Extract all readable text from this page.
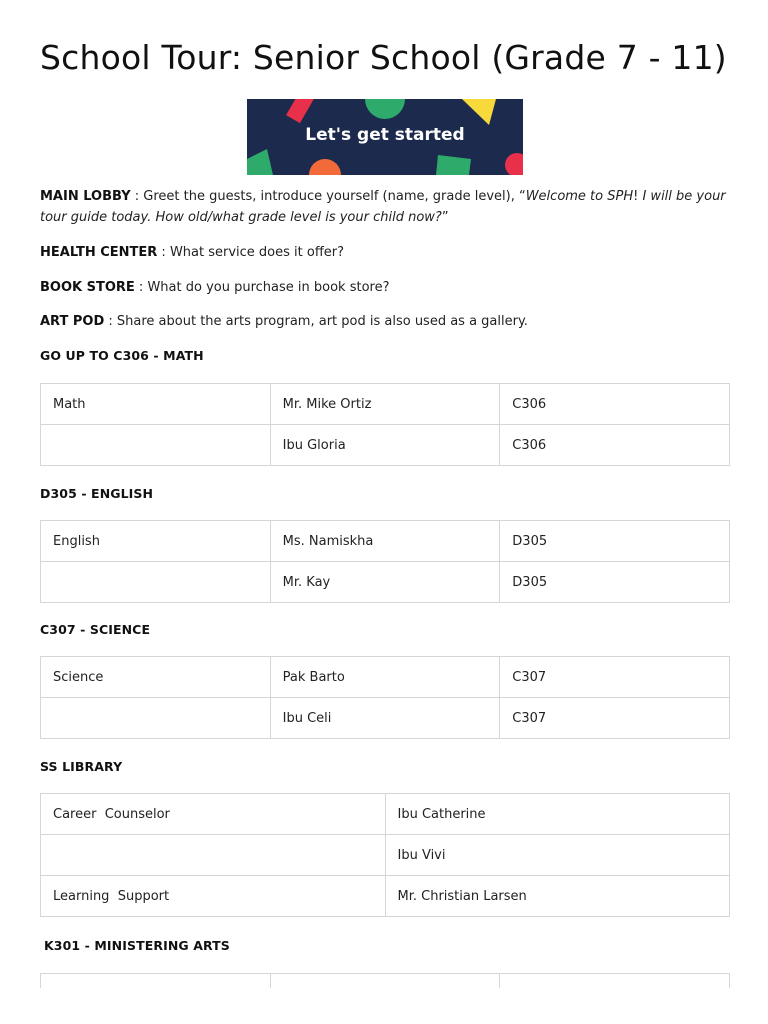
School Tour: Senior School (Grade 7 - 11)
Let's get started

MAIN LOBBY : Greet the guests, introduce yourself (name, grade level), “Welcome to SPH! I will be your tour guide today. How old/what grade level is your child now?”

HEALTH CENTER : What service does it offer?

BOOK STORE : What do you purchase in book store?

ART POD : Share about the arts program, art pod is also used as a gallery.

GO UP TO C306 - MATH
Math	Mr. Mike Ortiz	C306
	Ibu Gloria	C306
D305 - ENGLISH
English	Ms. Namiskha	D305
	Mr. Kay	D305
C307 - SCIENCE
Science	Pak Barto	C307
	Ibu Celi	C307
SS LIBRARY
Career  Counselor	Ibu Catherine
	Ibu Vivi
Learning  Support	Mr. Christian Larsen
K301 - MINISTERING ARTS
